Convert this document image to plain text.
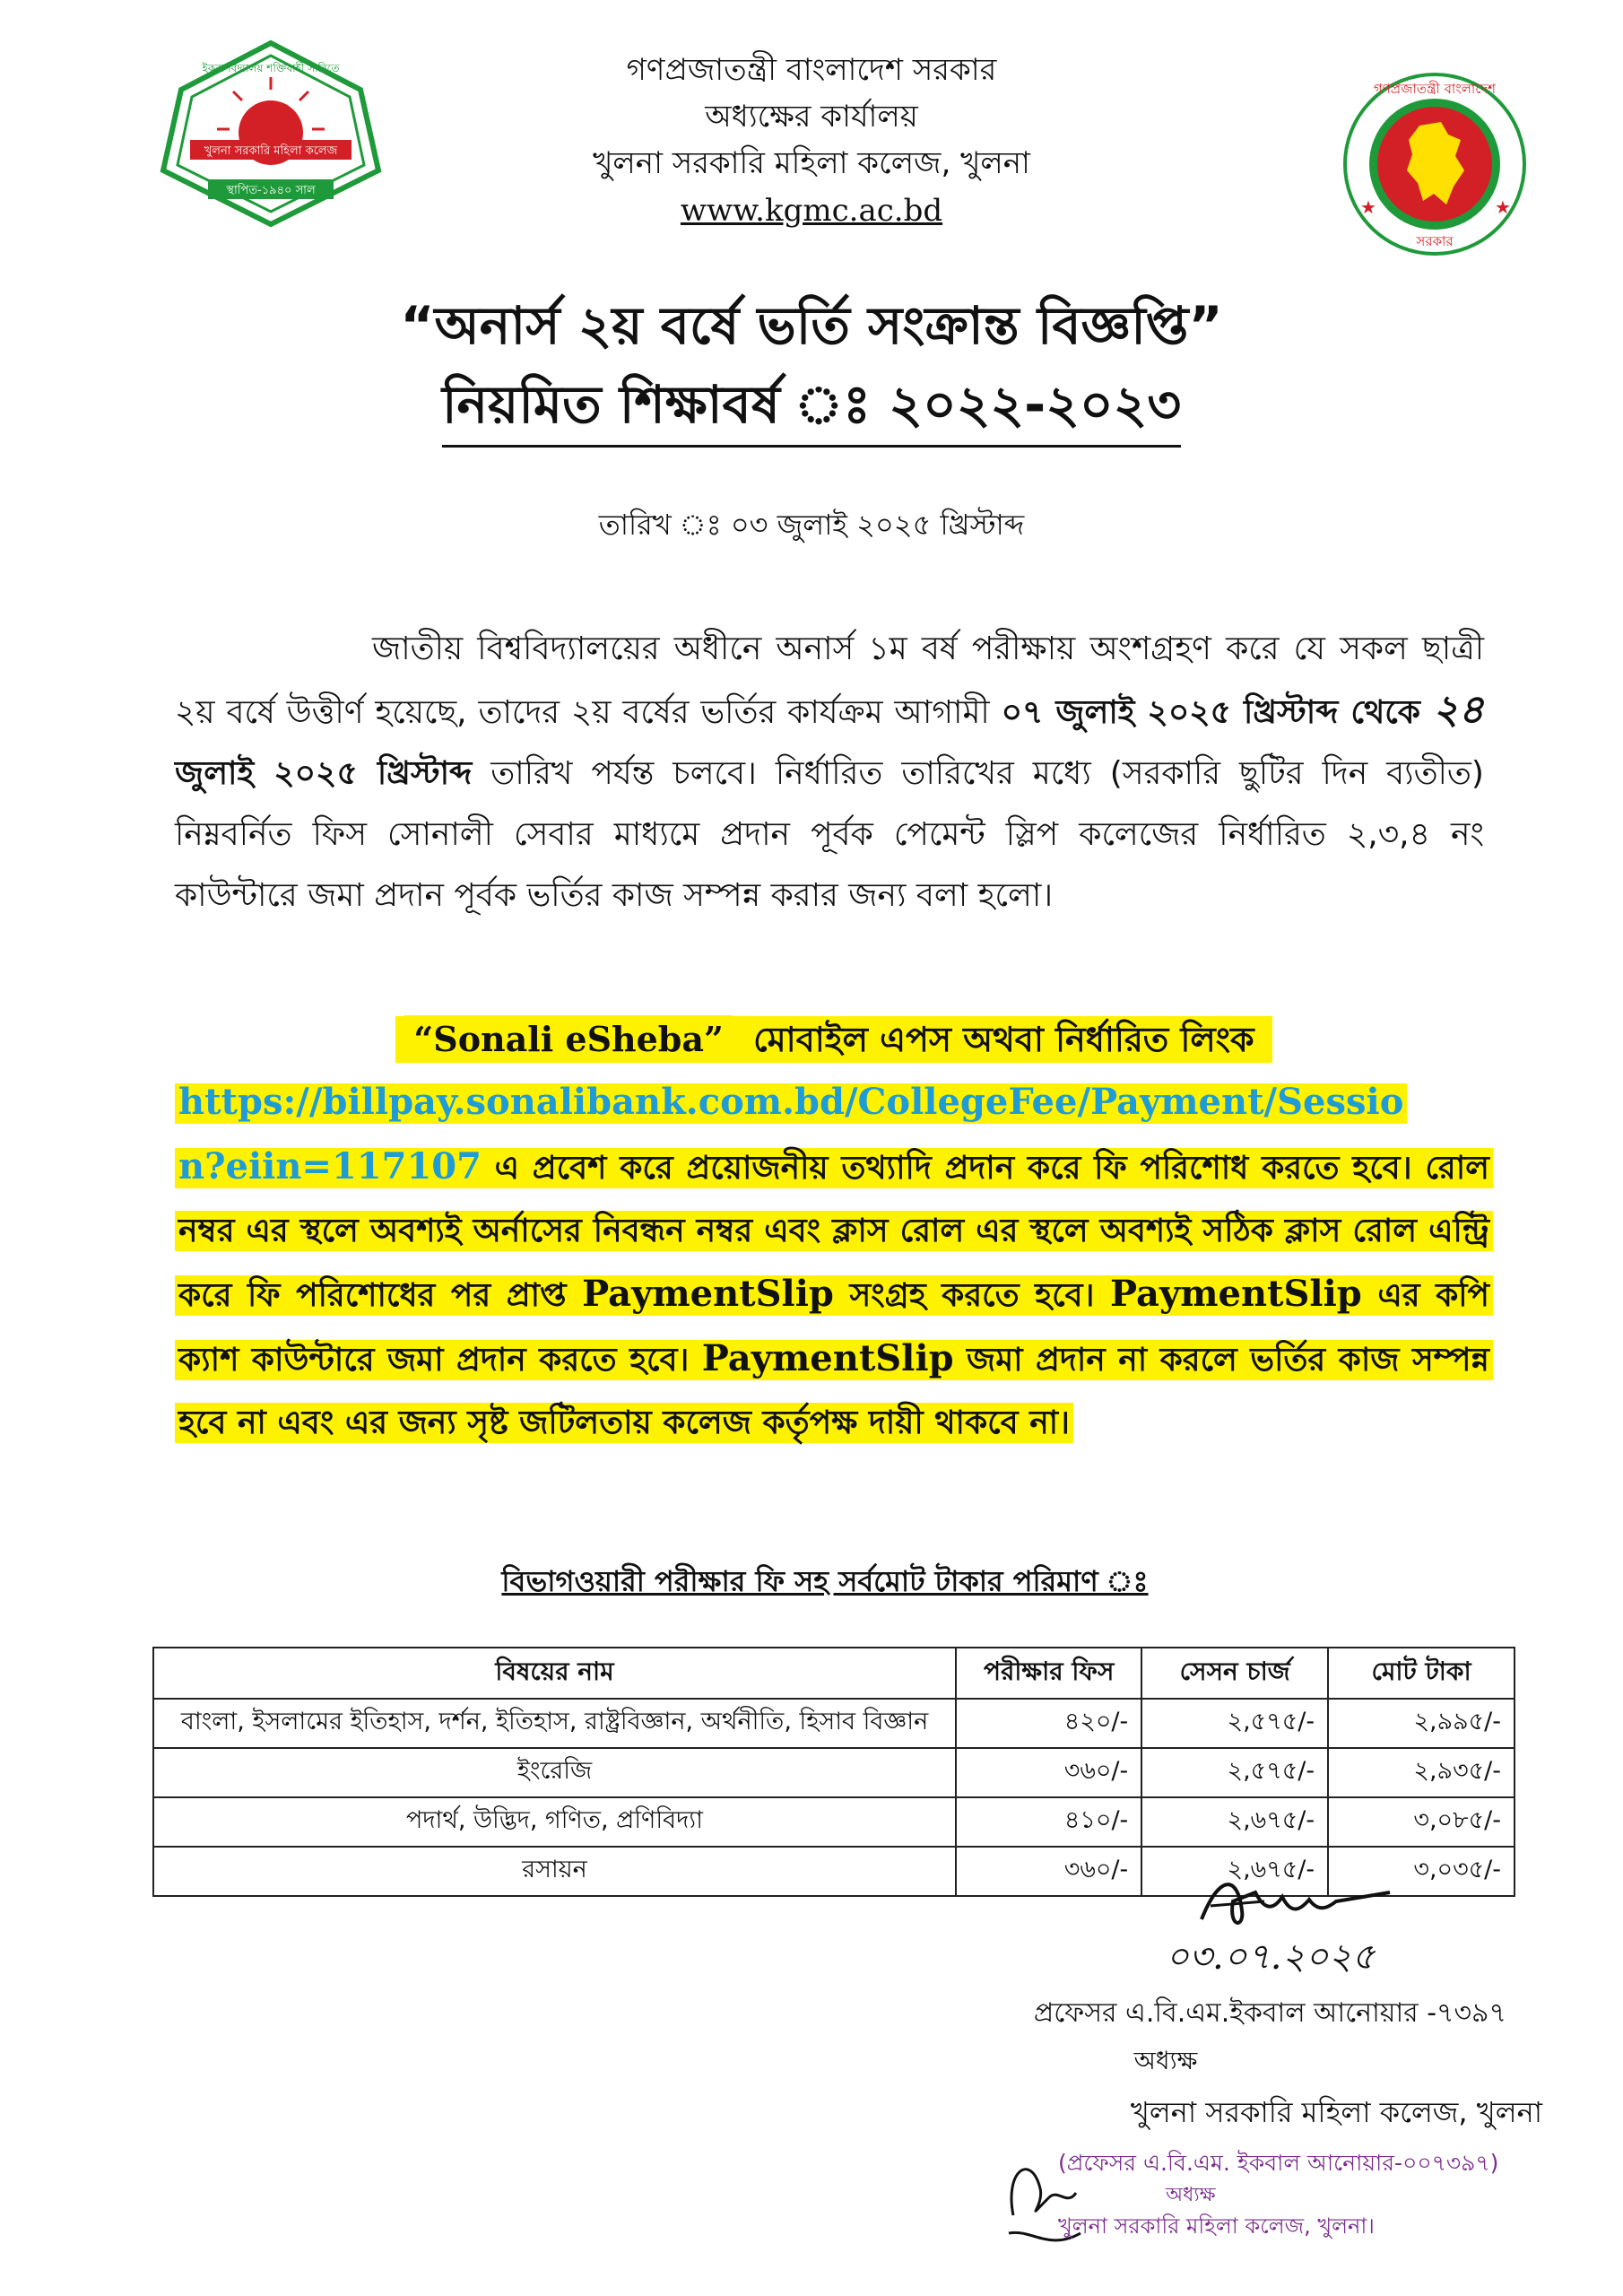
খুলনা সরকারি মহিলা কলেজ
ইকবা বিদ্যালয় শক্তিবাহী সারিতে
স্থাপিত-১৯৪০ সাল
গণপ্রজাতন্ত্রী বাংলাদেশ সরকার
অধ্যক্ষের কার্যালয়
খুলনা সরকারি মহিলা কলেজ, খুলনা
www.kgmc.ac.bd
গণপ্রজাতন্ত্রী বাংলাদেশ
সরকার
★	★
“অনার্স ২য় বর্ষে ভর্তি সংক্রান্ত বিজ্ঞপ্তি”
নিয়মিত শিক্ষাবর্ষ ঃ ২০২২-২০২৩
তারিখ ঃ ০৩ জুলাই ২০২৫ খ্রিস্টাব্দ
জাতীয় বিশ্ববিদ্যালয়ের অধীনে অনার্স ১ম বর্ষ পরীক্ষায় অংশগ্রহণ করে যে সকল ছাত্রী ২য় বর্ষে উত্তীর্ণ হয়েছে, তাদের ২য় বর্ষের ভর্তির কার্যক্রম আগামী ০৭ জুলাই ২০২৫ খ্রিস্টাব্দ থেকে ২৪ জুলাই ২০২৫ খ্রিস্টাব্দ তারিখ পর্যন্ত চলবে। নির্ধারিত তারিখের মধ্যে (সরকারি ছুটির দিন ব্যতীত) নিম্নবর্নিত ফিস সোনালী সেবার মাধ্যমে প্রদান পূর্বক পেমেন্ট স্লিপ কলেজের নির্ধারিত ২,৩,৪ নং কাউন্টারে জমা প্রদান পূর্বক ভর্তির কাজ সম্পন্ন করার জন্য বলা হলো।
“Sonali eSheba” মোবাইল এপস অথবা নির্ধারিত লিংক
https://billpay.sonalibank.com.bd/CollegeFee/Payment/Sessio
n?eiin=117107 এ প্রবেশ করে প্রয়োজনীয় তথ্যাদি প্রদান করে ফি পরিশোধ করতে হবে। রোল নম্বর এর স্থলে অবশ্যই অর্নাসের নিবন্ধন নম্বর এবং ক্লাস রোল এর স্থলে অবশ্যই সঠিক ক্লাস রোল এন্ট্রি করে ফি পরিশোধের পর প্রাপ্ত PaymentSlip সংগ্রহ করতে হবে। PaymentSlip এর কপি ক্যাশ কাউন্টারে জমা প্রদান করতে হবে। PaymentSlip জমা প্রদান না করলে ভর্তির কাজ সম্পন্ন হবে না এবং এর জন্য সৃষ্ট জটিলতায় কলেজ কর্তৃপক্ষ দায়ী থাকবে না।
বিভাগওয়ারী পরীক্ষার ফি সহ সর্বমোট টাকার পরিমাণ ঃ
বিষয়ের নাম	পরীক্ষার ফিস	সেসন চার্জ	মোট টাকা
বাংলা, ইসলামের ইতিহাস, দর্শন, ইতিহাস, রাষ্ট্রবিজ্ঞান, অর্থনীতি, হিসাব বিজ্ঞান	৪২০/-	২,৫৭৫/-	২,৯৯৫/-
ইংরেজি	৩৬০/-	২,৫৭৫/-	২,৯৩৫/-
পদার্থ, উদ্ভিদ, গণিত, প্রণিবিদ্যা	৪১০/-	২,৬৭৫/-	৩,০৮৫/-
রসায়ন	৩৬০/-	২,৬৭৫/-	৩,০৩৫/-
০৩.০৭.২০২৫
প্রফেসর এ.বি.এম.ইকবাল আনোয়ার -৭৩৯৭
অধ্যক্ষ
খুলনা সরকারি মহিলা কলেজ, খুলনা
(প্রফেসর এ.বি.এম. ইকবাল আনোয়ার-০০৭৩৯৭)
অধ্যক্ষ
খুলনা সরকারি মহিলা কলেজ, খুলনা।
